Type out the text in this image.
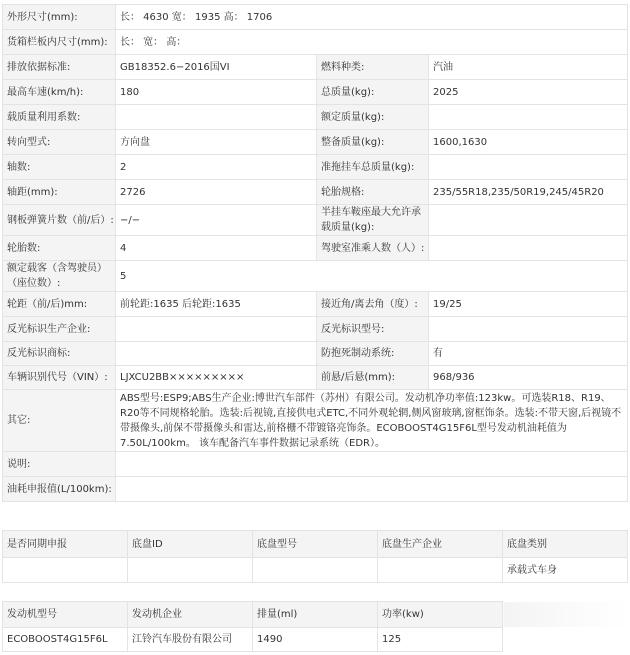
外形尺寸(mm):	长： 4630 宽： 1935 高： 1706		
货箱栏板内尺寸(mm):	长： 宽： 高：		
排放依据标准:	GB18352.6−2016国VI	燃料种类:	汽油
最高车速(km/h):	180	总质量(kg):	2025
载质量利用系数:		额定质量(kg):	
转向型式:	方向盘	整备质量(kg):	1600,1630
轴数:	2	准拖挂车总质量(kg):	
轴距(mm):	2726	轮胎规格:	235/55R18,235/50R19,245/45R20
钢板弹簧片数（前/后）:	−/−	半挂车鞍座最大允许承载质量(kg):	
轮胎数:	4	驾驶室准乘人数（人）:	
额定载客（含驾驶员）（座位数）:	5		
轮距（前/后)mm:	前轮距:1635 后轮距:1635	接近角/离去角（度）:	19/25
反光标识生产企业:		反光标识型号:	
反光标识商标:		防抱死制动系统:	有
车辆识别代号（VIN）:	LJXCU2BB×××××××××	前悬/后悬(mm):	968/936
其它:	ABS型号:ESP9;ABS生产企业:博世汽车部件（苏州）有限公司。发动机净功率值:123kw。可选装R18、R19、R20等不同规格轮胎。选装:后视镜,直接供电式ETC,不同外观轮辋,侧风窗玻璃,窗框饰条。选装:不带天窗,后视镜不带摄像头,前保不带摄像头和雷达,前格栅不带镀铬亮饰条。ECOBOOST4G15F6L型号发动机油耗值为7.50L/100km。 该车配备汽车事件数据记录系统（EDR）。		
说明:			
油耗申报值(L/100km):			
是否同期申报	底盘ID	底盘型号	底盘生产企业	底盘类别
				承载式车身
发动机型号	发动机企业	排量(ml)	功率(kw)	
ECOBOOST4G15F6L	江铃汽车股份有限公司	1490	125	
